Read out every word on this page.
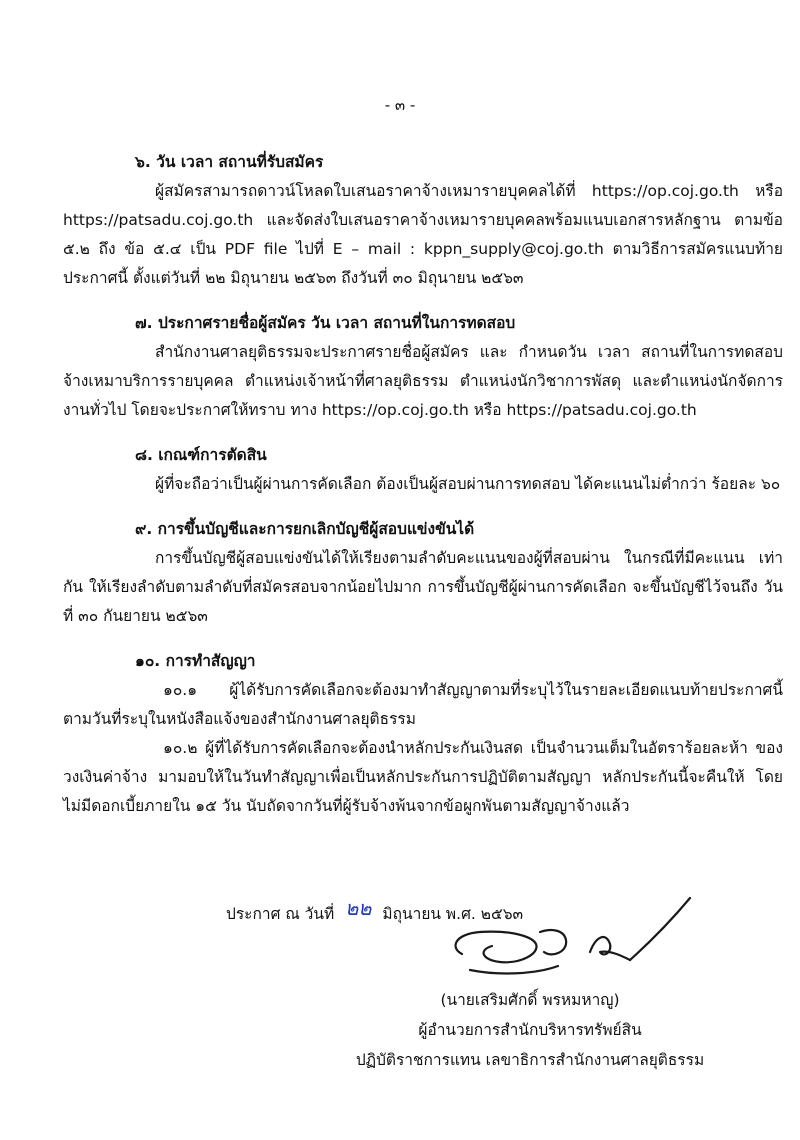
- ๓ -

๖. วัน เวลา สถานที่รับสมัคร

ผู้สมัครสามารถดาวน์โหลดใบเสนอราคาจ้างเหมารายบุคคลได้ที่ https://op.coj.go.th หรือ https://patsadu.coj.go.th และจัดส่งใบเสนอราคาจ้างเหมารายบุคคลพร้อมแนบเอกสารหลักฐาน ตามข้อ ๕.๒ ถึง ข้อ ๕.๔ เป็น PDF file ไปที่ E – mail : kppn_supply@coj.go.th ตามวิธีการสมัครแนบท้าย ประกาศนี้ ตั้งแต่วันที่ ๒๒ มิถุนายน ๒๕๖๓ ถึงวันที่ ๓๐ มิถุนายน ๒๕๖๓

๗. ประกาศรายชื่อผู้สมัคร วัน เวลา สถานที่ในการทดสอบ

สำนักงานศาลยุติธรรมจะประกาศรายชื่อผู้สมัคร และ กำหนดวัน เวลา สถานที่ในการทดสอบ จ้างเหมาบริการรายบุคคล ตำแหน่งเจ้าหน้าที่ศาลยุติธรรม ตำแหน่งนักวิชาการพัสดุ และตำแหน่งนักจัดการ งานทั่วไป โดยจะประกาศให้ทราบ ทาง https://op.coj.go.th หรือ https://patsadu.coj.go.th

๘. เกณฑ์การตัดสิน

ผู้ที่จะถือว่าเป็นผู้ผ่านการคัดเลือก ต้องเป็นผู้สอบผ่านการทดสอบ ได้คะแนนไม่ต่ำกว่า ร้อยละ ๖๐

๙. การขึ้นบัญชีและการยกเลิกบัญชีผู้สอบแข่งขันได้

การขึ้นบัญชีผู้สอบแข่งขันได้ให้เรียงตามลำดับคะแนนของผู้ที่สอบผ่าน ในกรณีที่มีคะแนน เท่ากัน ให้เรียงลำดับตามลำดับที่สมัครสอบจากน้อยไปมาก การขึ้นบัญชีผู้ผ่านการคัดเลือก จะขึ้นบัญชีไว้จนถึง วันที่ ๓๐ กันยายน ๒๕๖๓

๑๐. การทำสัญญา

๑๐.๑ ผู้ได้รับการคัดเลือกจะต้องมาทำสัญญาตามที่ระบุไว้ในรายละเอียดแนบท้ายประกาศนี้ ตามวันที่ระบุในหนังสือแจ้งของสำนักงานศาลยุติธรรม

๑๐.๒ ผู้ที่ได้รับการคัดเลือกจะต้องนำหลักประกันเงินสด เป็นจำนวนเต็มในอัตราร้อยละห้า ของวงเงินค่าจ้าง มามอบให้ในวันทำสัญญาเพื่อเป็นหลักประกันการปฏิบัติตามสัญญา หลักประกันนี้จะคืนให้ โดยไม่มีดอกเบี้ยภายใน ๑๕ วัน นับถัดจากวันที่ผู้รับจ้างพ้นจากข้อผูกพันตามสัญญาจ้างแล้ว

ประกาศ ณ วันที่ ๒๒ มิถุนายน พ.ศ. ๒๕๖๓
(นายเสริมศักดิ์ พรหมหาญู)
ผู้อำนวยการสำนักบริหารทรัพย์สิน
ปฏิบัติราชการแทน เลขาธิการสำนักงานศาลยุติธรรม
